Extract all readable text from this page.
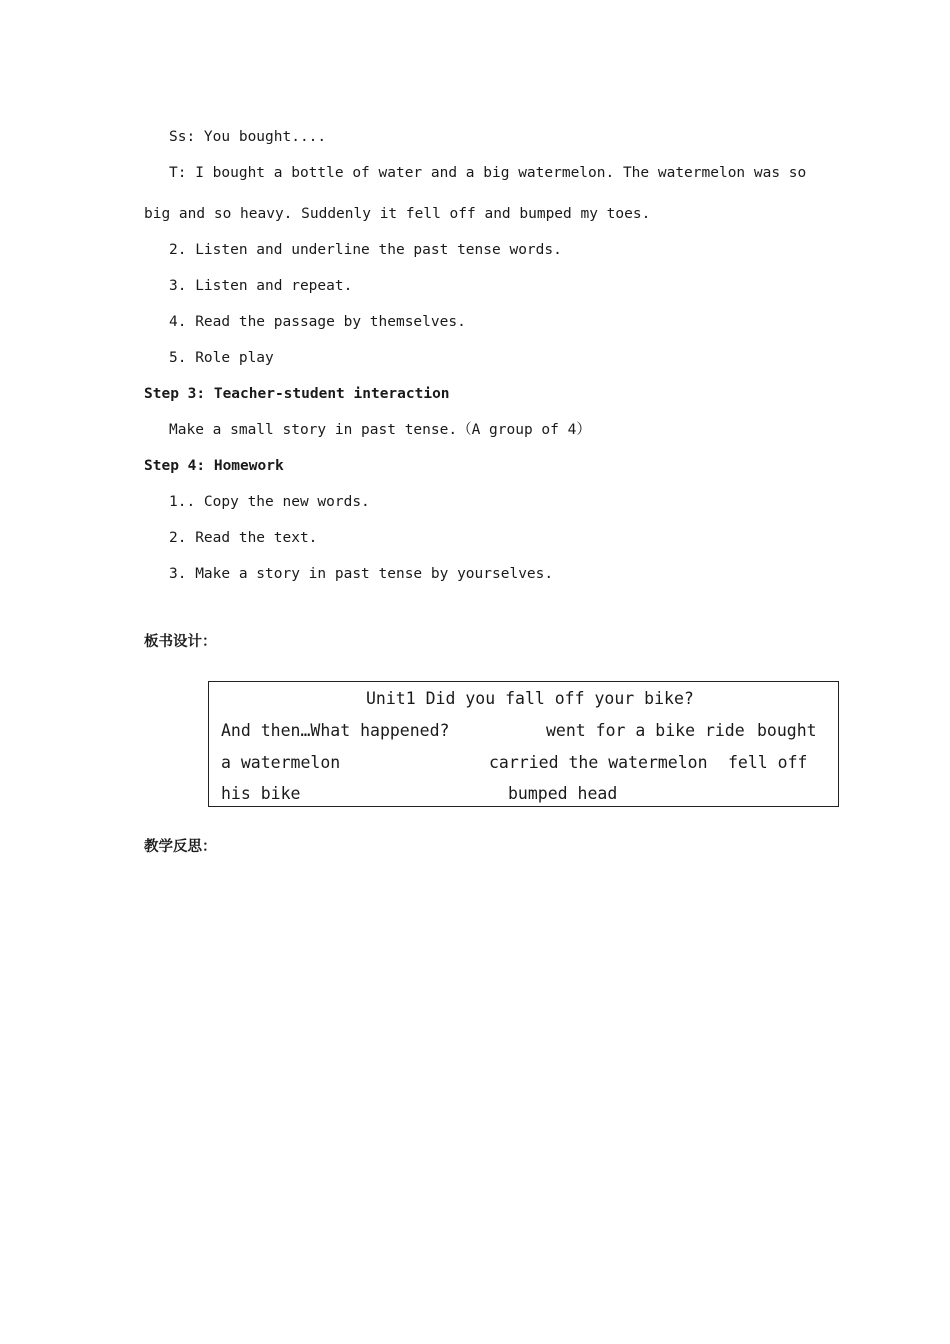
Ss: You bought....
T: I bought a bottle of water and a big watermelon. The watermelon was so
big and so heavy. Suddenly it fell off and bumped my toes.
2. Listen and underline the past tense words.
3. Listen and repeat.
4. Read the passage by themselves.
5. Role play
Step 3: Teacher-student interaction
Make a small story in past tense.（A group of 4）
Step 4: Homework
1.. Copy the new words.
2. Read the text.
3. Make a story in past tense by yourselves.
板书设计：
Unit1 Did you fall off your bike?
And then…What happened?	went for a bike ride bought
a watermelon	carried the watermelon fell off
his bike	bumped head
教学反思：
